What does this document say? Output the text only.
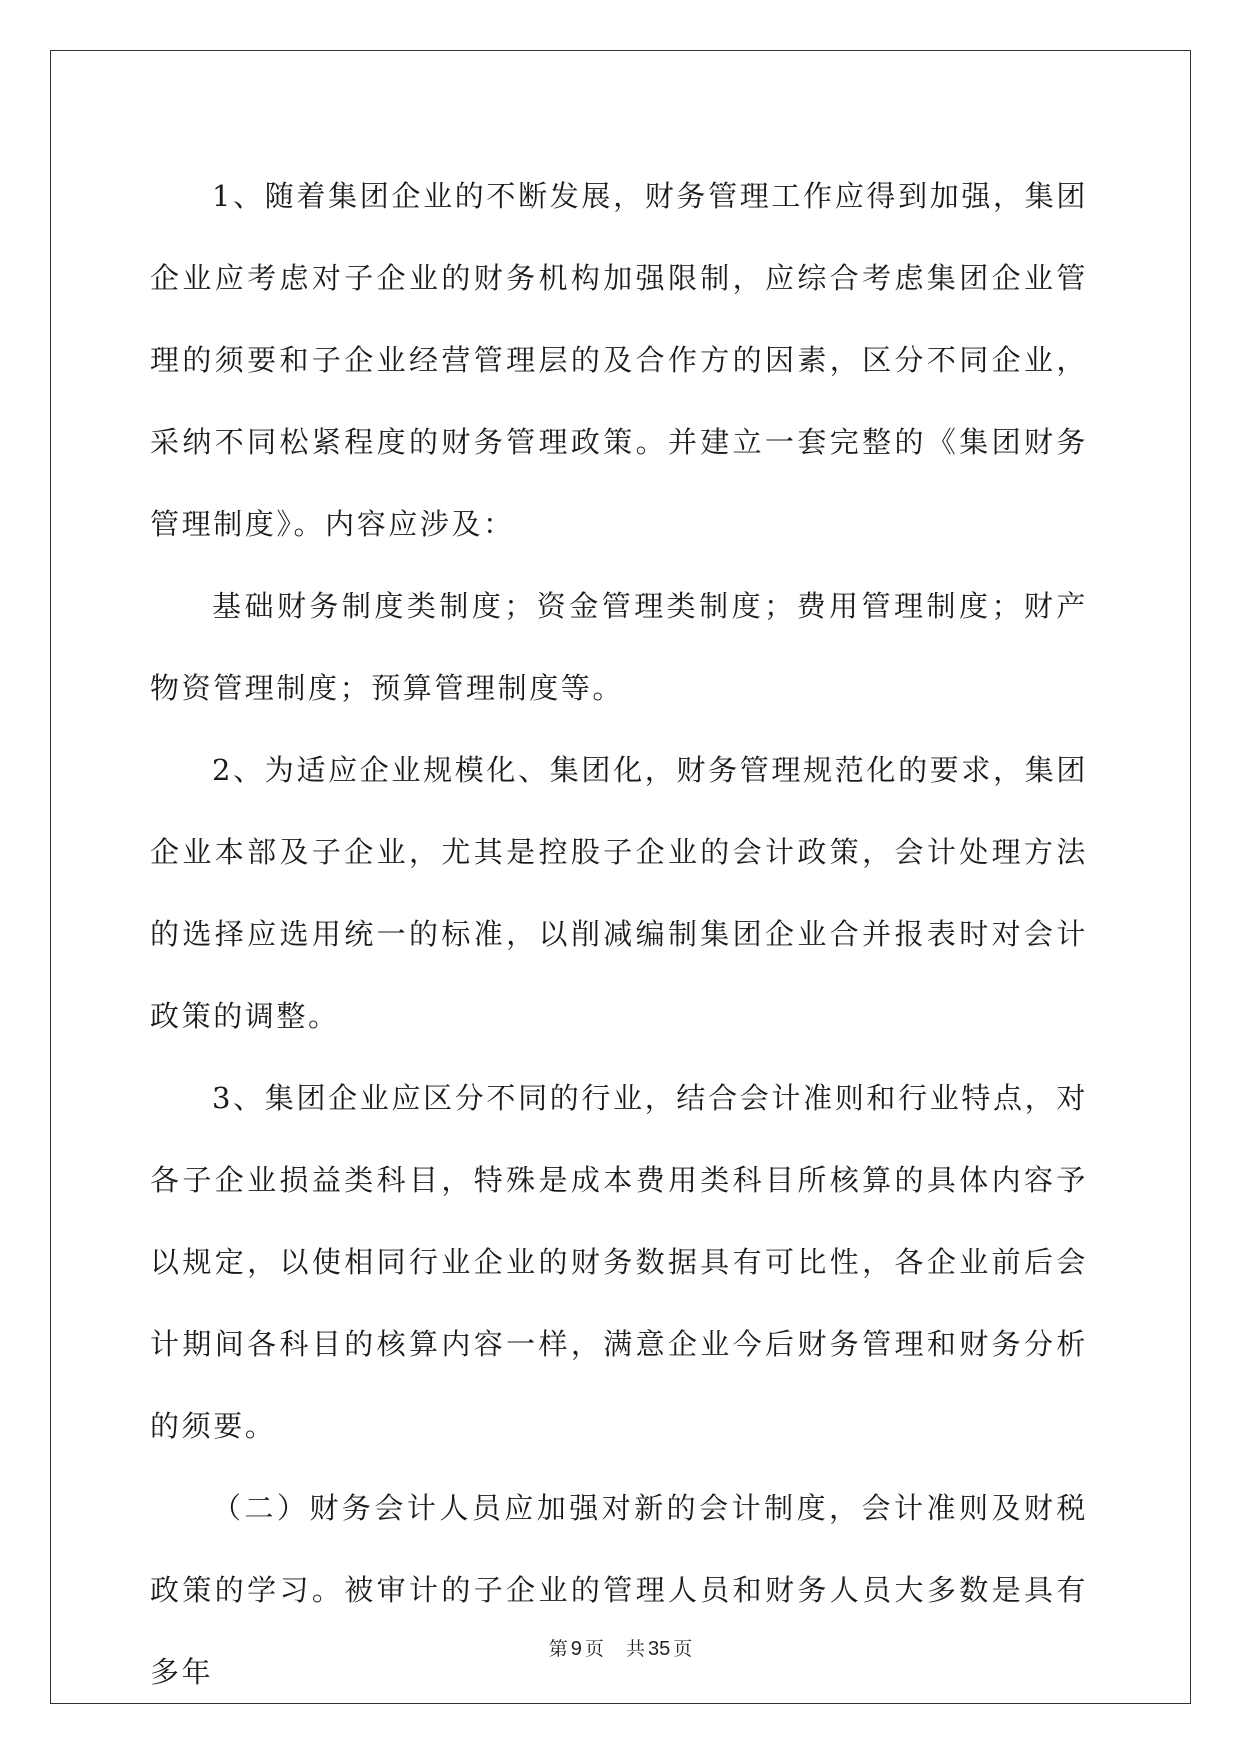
1、随着集团企业的不断发展，财务管理工作应得到加强，集团企业应考虑对子企业的财务机构加强限制，应综合考虑集团企业管理的须要和子企业经营管理层的及合作方的因素，区分不同企业，采纳不同松紧程度的财务管理政策。并建立一套完整的《集团财务管理制度》。内容应涉及：

基础财务制度类制度；资金管理类制度；费用管理制度；财产物资管理制度；预算管理制度等。

2、为适应企业规模化、集团化，财务管理规范化的要求，集团企业本部及子企业，尤其是控股子企业的会计政策，会计处理方法的选择应选用统一的标准，以削减编制集团企业合并报表时对会计政策的调整。

3、集团企业应区分不同的行业，结合会计准则和行业特点，对各子企业损益类科目，特殊是成本费用类科目所核算的具体内容予以规定，以使相同行业企业的财务数据具有可比性，各企业前后会计期间各科目的核算内容一样，满意企业今后财务管理和财务分析的须要。

（二）财务会计人员应加强对新的会计制度，会计准则及财税政策的学习。被审计的子企业的管理人员和财务人员大多数是具有多年

第 9 页 共 35 页
